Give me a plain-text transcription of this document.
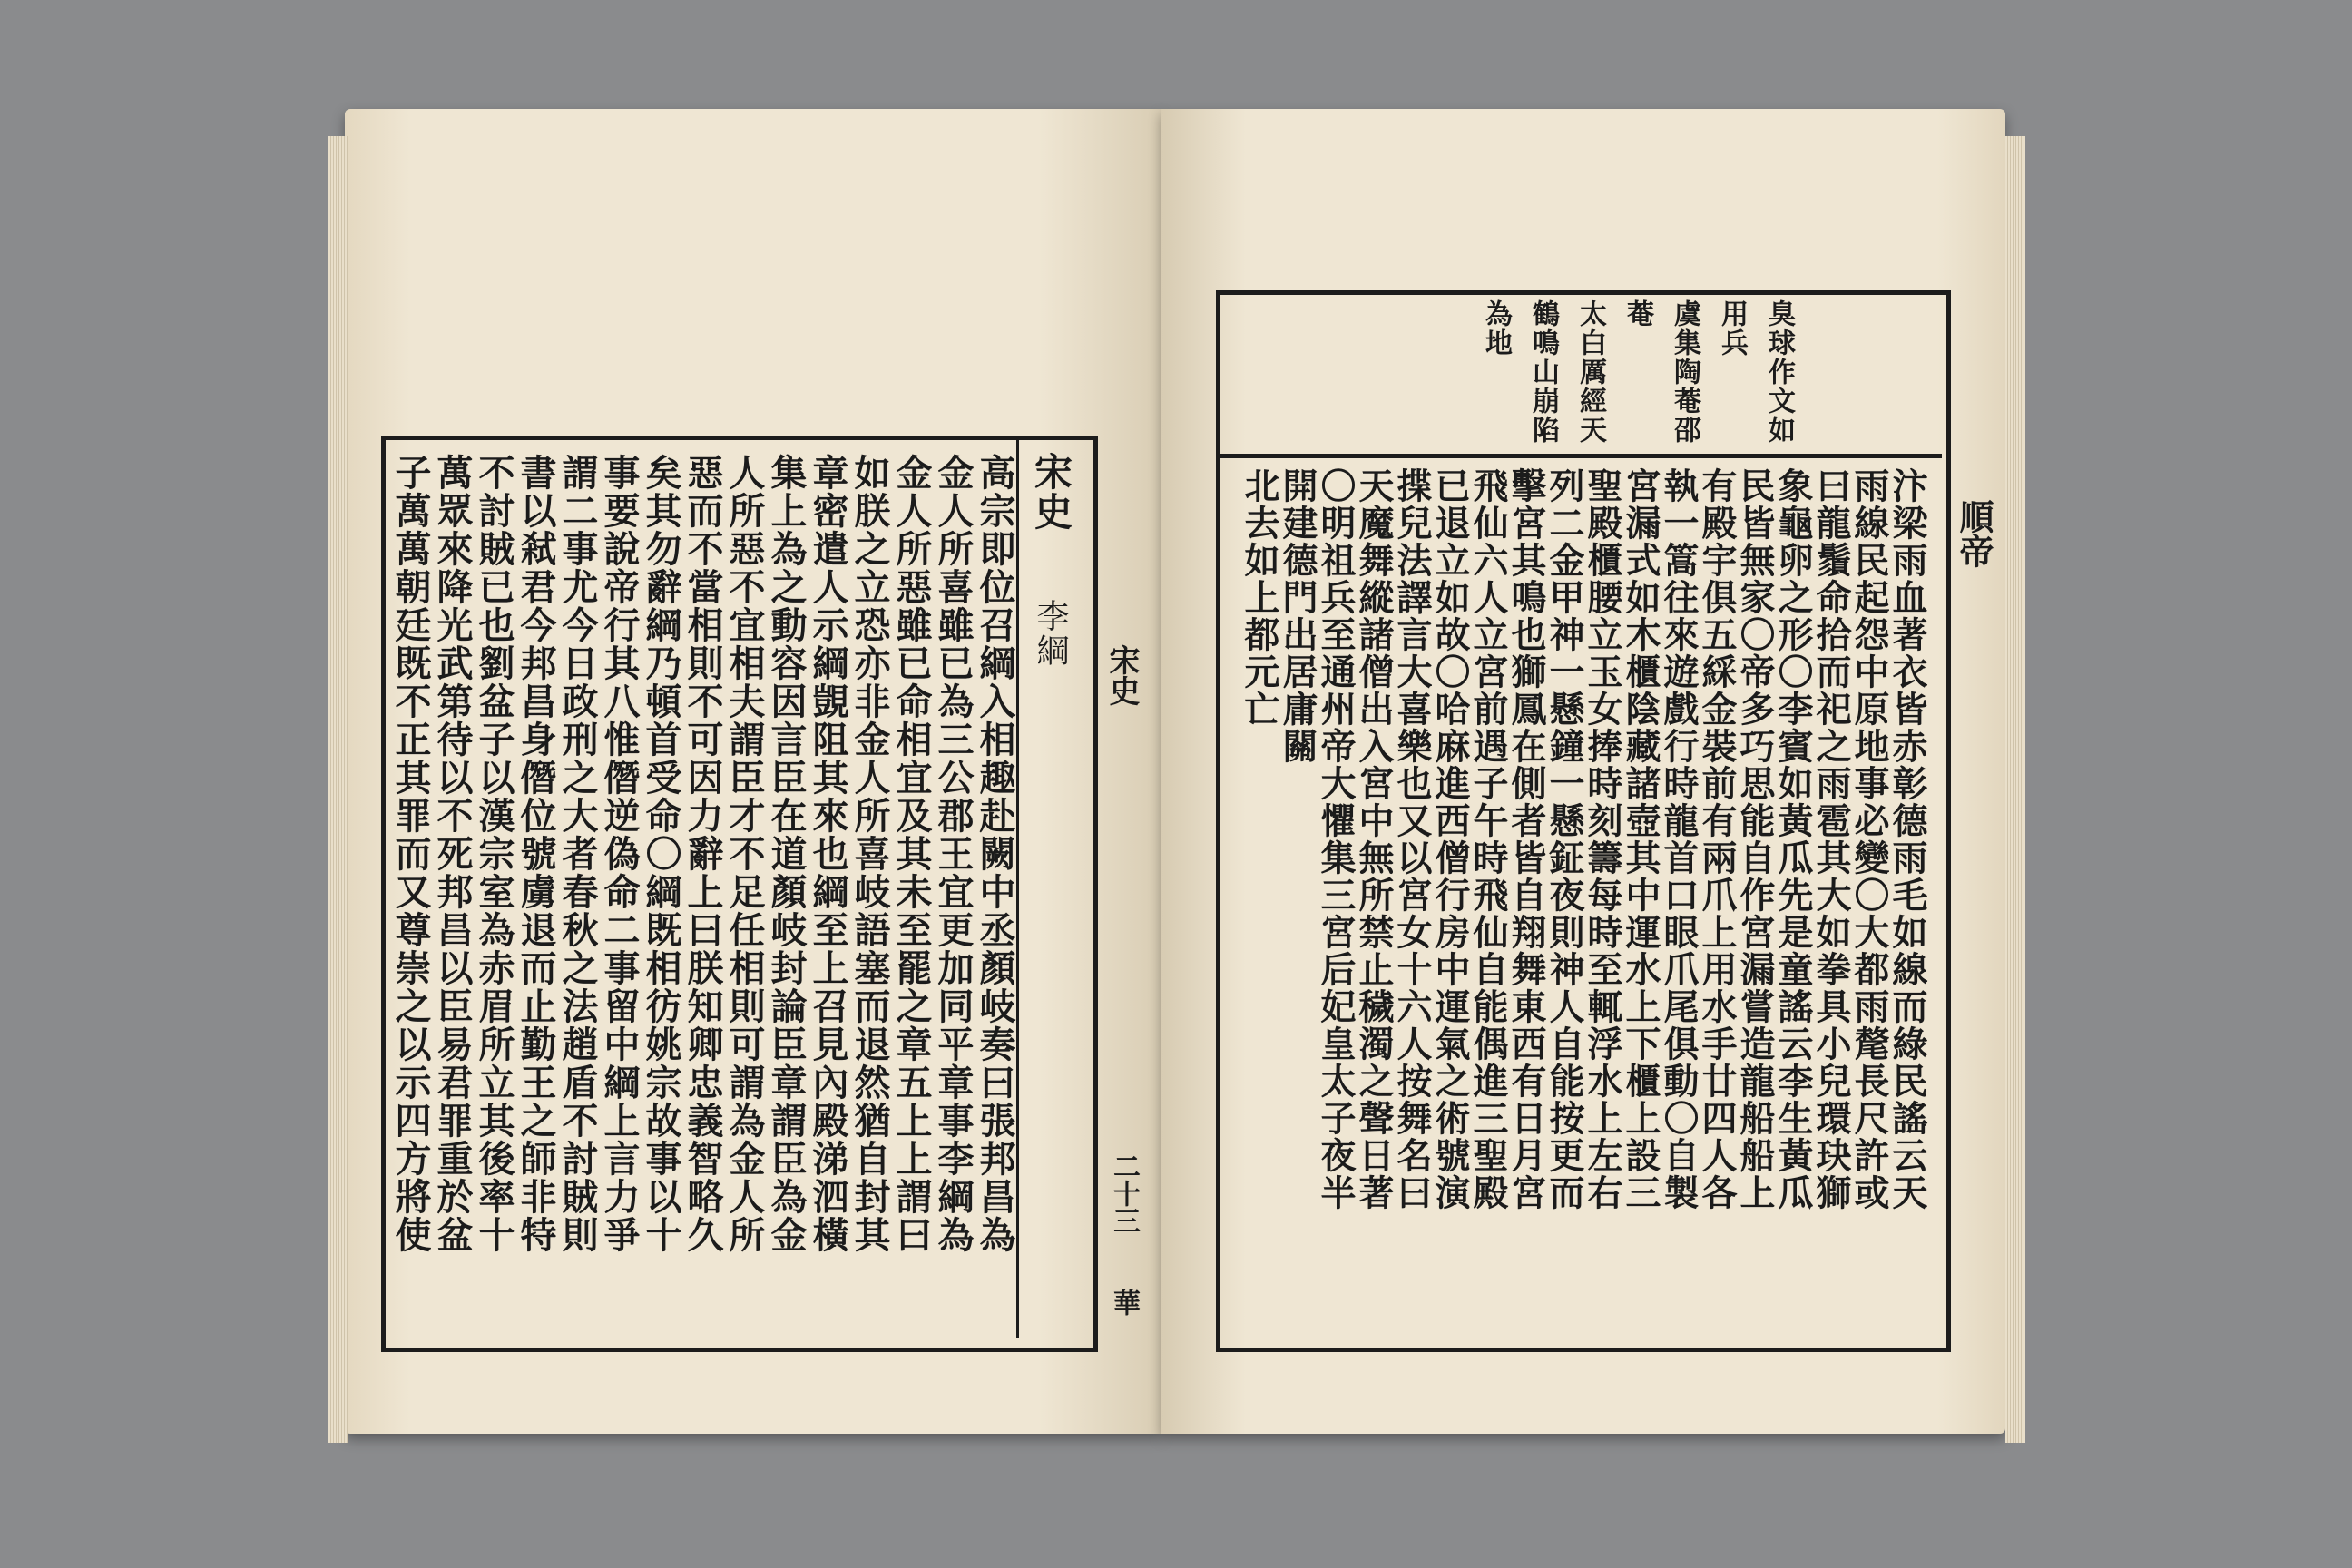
宋史
李綱
高宗即位召綱入相趣赴闕中丞顏岐奏曰張邦昌為
金人所喜雖已為三公郡王宜更加同平章事李綱為
金人所惡雖已命相宜及其未至罷之章五上上謂曰
如朕之立恐亦非金人所喜岐語塞而退然猶自封其
章密遣人示綱覬阻其來也綱至上召見內殿涕泗橫
集上為之動容因言臣在道顏岐封論臣章謂臣為金
人所惡不宜相夫謂臣才不足任相則可謂為金人所
惡而不當相則不可因力辭上曰朕知卿忠義智略久
矣其勿辭綱乃頓首受命〇綱既相彷姚宗故事以十
事要說帝行其八惟僭逆偽命二事留中綱上言力爭
謂二事尤今日政刑之大者春秋之法趙盾不討賊則
書以弒君今邦昌身僭位號虜退而止勤王之師非特
不討賊已也劉盆子以漢宗室為赤眉所立其後率十
萬眾來降光武第待以不死邦昌以臣易君罪重於盆
子萬萬朝廷既不正其罪而又尊崇之以示四方將使	宋史
二十三
華
臭球作文如
用兵
虞集陶菴邵
菴
太白厲經天
鶴鳴山崩陷
為地
汴梁雨血著衣皆赤彰德雨毛如線而綠民謠云天
雨線民起怨中原地事必變〇大都雨氂長尺許或
曰龍鬚命拾而祀之雨雹其大如拳具小兒環玦獅
象龜卵之形〇李賓如黃瓜先是童謠云李生黃瓜
民皆無家〇帝多巧思能自作宮漏嘗造龍船船上
有殿宇俱五綵金裝前有兩爪上用水手廿四人各
執一篙往來遊戲行時龍首口眼爪尾俱動〇自製
宮漏式如木櫃陰藏諸壺其中運水上下櫃上設三
聖殿櫃腰立玉女捧時刻籌每時至輒浮水上左右
列二金甲神一懸鐘一懸鉦夜則神人自能按更而
擊宮其鳴也獅鳳在側者皆自翔舞東西有日月宮
飛仙六人立宮前遇子午時飛仙自能偶進三聖殿
已退立如故〇哈麻進西僧行房中運氣之術號演
揲兒法譯言大喜樂也又以宮女十六人按舞名曰
天魔舞縱諸僧出入宮中無所禁止穢濁之聲日著
〇明祖兵至通州帝大懼集三宮后妃皇太子夜半
開建德門出居庸關
北去如上都元亡	順帝
